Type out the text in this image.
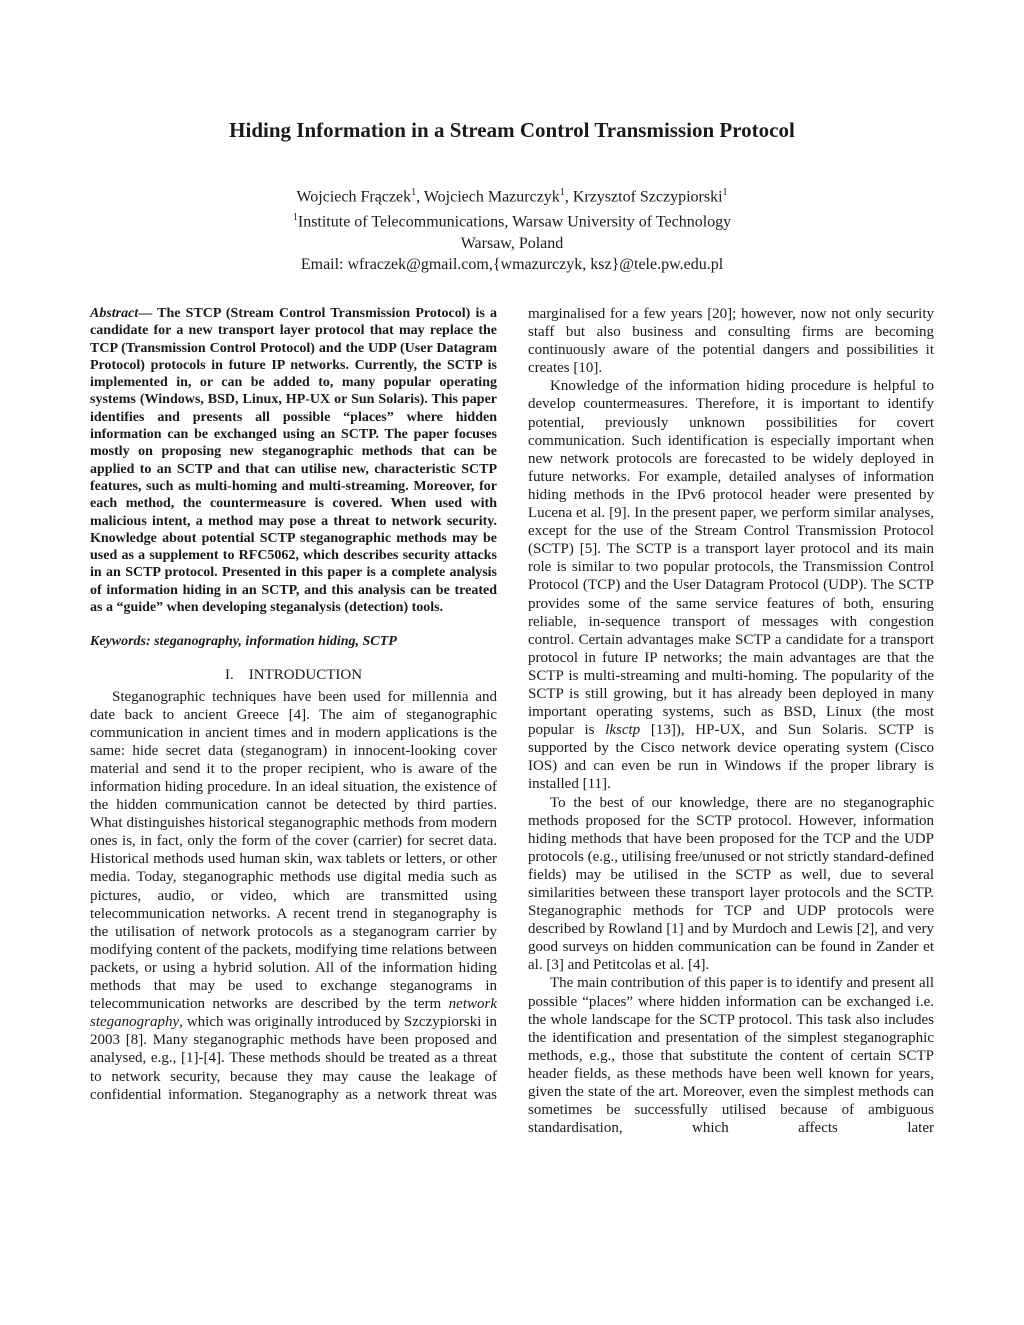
Hiding Information in a Stream Control Transmission Protocol
Wojciech Frączek$^1$, Wojciech Mazurczyk$^1$, Krzysztof Szczypiorski$^1$
$^1$Institute of Telecommunications, Warsaw University of Technology
Warsaw, Poland
Email: wfraczek@gmail.com,{wmazurczyk, ksz}@tele.pw.edu.pl

Abstract— The STCP (Stream Control Transmission Protocol) is a candidate for a new transport layer protocol that may replace the TCP (Transmission Control Protocol) and the UDP (User Datagram Protocol) protocols in future IP networks. Currently, the SCTP is implemented in, or can be added to, many popular operating systems (Windows, BSD, Linux, HP-UX or Sun Solaris). This paper identifies and presents all possible “places” where hidden information can be exchanged using an SCTP. The paper focuses mostly on proposing new steganographic methods that can be applied to an SCTP and that can utilise new, characteristic SCTP features, such as multi-homing and multi-streaming. Moreover, for each method, the countermeasure is covered. When used with malicious intent, a method may pose a threat to network security. Knowledge about potential SCTP steganographic methods may be used as a supplement to RFC5062, which describes security attacks in an SCTP protocol. Presented in this paper is a complete analysis of information hiding in an SCTP, and this analysis can be treated as a “guide” when developing steganalysis (detection) tools.

Keywords: steganography, information hiding, SCTP

I. INTRODUCTION

Steganographic techniques have been used for millennia and date back to ancient Greece [4]. The aim of steganographic communication in ancient times and in modern applications is the same: hide secret data (steganogram) in innocent-looking cover material and send it to the proper recipient, who is aware of the information hiding procedure. In an ideal situation, the existence of the hidden communication cannot be detected by third parties. What distinguishes historical steganographic methods from modern ones is, in fact, only the form of the cover (carrier) for secret data. Historical methods used human skin, wax tablets or letters, or other media. Today, steganographic methods use digital media such as pictures, audio, or video, which are transmitted using telecommunication networks. A recent trend in steganography is the utilisation of network protocols as a steganogram carrier by modifying content of the packets, modifying time relations between packets, or using a hybrid solution. All of the information hiding methods that may be used to exchange steganograms in telecommunication networks are described by the term network steganography, which was originally introduced by Szczypiorski in 2003 [8]. Many steganographic methods have been proposed and analysed, e.g., [1]-[4]. These methods should be treated as a threat to network security, because they may cause the leakage of confidential information. Steganography as a network threat was

marginalised for a few years [20]; however, now not only security staff but also business and consulting firms are becoming continuously aware of the potential dangers and possibilities it creates [10].

Knowledge of the information hiding procedure is helpful to develop countermeasures. Therefore, it is important to identify potential, previously unknown possibilities for covert communication. Such identification is especially important when new network protocols are forecasted to be widely deployed in future networks. For example, detailed analyses of information hiding methods in the IPv6 protocol header were presented by Lucena et al. [9]. In the present paper, we perform similar analyses, except for the use of the Stream Control Transmission Protocol (SCTP) [5]. The SCTP is a transport layer protocol and its main role is similar to two popular protocols, the Transmission Control Protocol (TCP) and the User Datagram Protocol (UDP). The SCTP provides some of the same service features of both, ensuring reliable, in-sequence transport of messages with congestion control. Certain advantages make SCTP a candidate for a transport protocol in future IP networks; the main advantages are that the SCTP is multi-streaming and multi-homing. The popularity of the SCTP is still growing, but it has already been deployed in many important operating systems, such as BSD, Linux (the most popular is lksctp [13]), HP-UX, and Sun Solaris. SCTP is supported by the Cisco network device operating system (Cisco IOS) and can even be run in Windows if the proper library is installed [11].

To the best of our knowledge, there are no steganographic methods proposed for the SCTP protocol. However, information hiding methods that have been proposed for the TCP and the UDP protocols (e.g., utilising free/unused or not strictly standard-defined fields) may be utilised in the SCTP as well, due to several similarities between these transport layer protocols and the SCTP. Steganographic methods for TCP and UDP protocols were described by Rowland [1] and by Murdoch and Lewis [2], and very good surveys on hidden communication can be found in Zander et al. [3] and Petitcolas et al. [4].

The main contribution of this paper is to identify and present all possible “places” where hidden information can be exchanged i.e. the whole landscape for the SCTP protocol. This task also includes the identification and presentation of the simplest steganographic methods, e.g., those that substitute the content of certain SCTP header fields, as these methods have been well known for years, given the state of the art. Moreover, even the simplest methods can sometimes be successfully utilised because of ambiguous standardisation, which affects later
